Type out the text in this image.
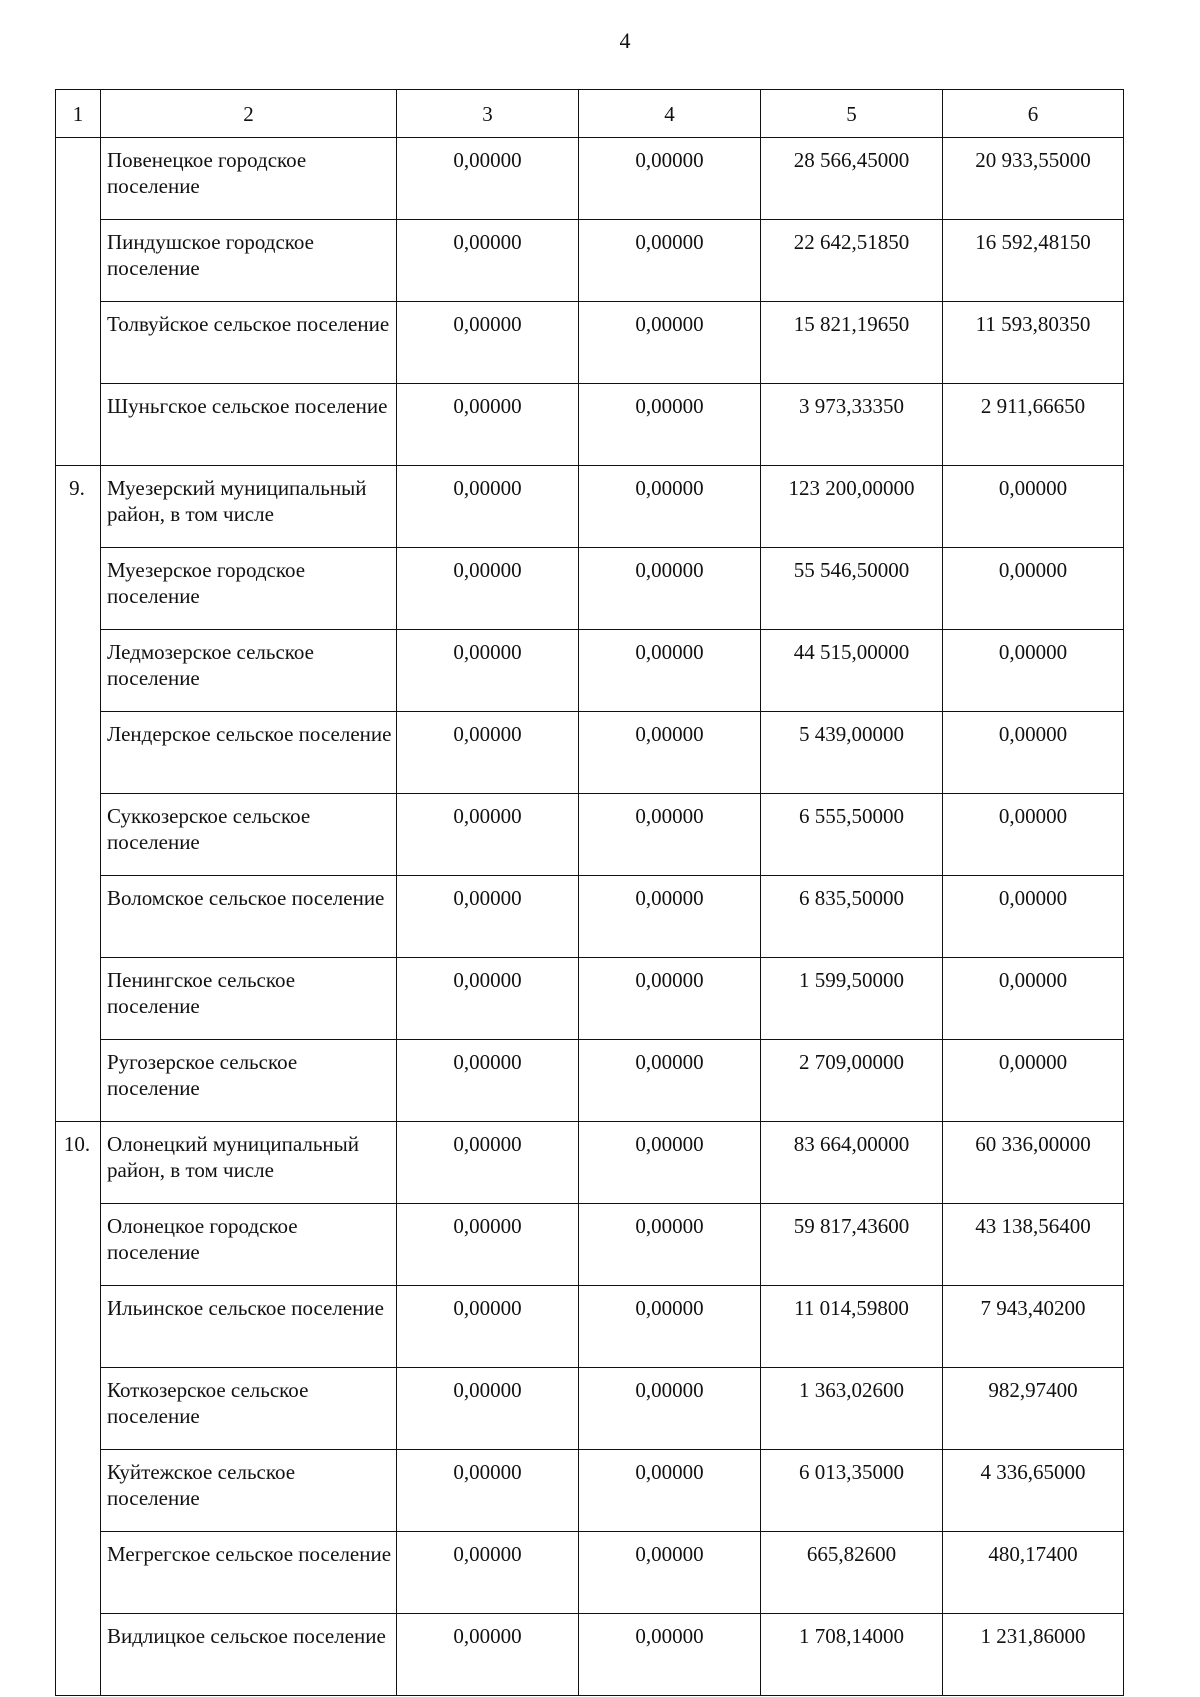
4
1	2	3	4	5	6
	Повенецкое городское поселение	0,00000	0,00000	28 566,45000	20 933,55000
	Пиндушское городское поселение	0,00000	0,00000	22 642,51850	16 592,48150
	Толвуйское сельское поселение	0,00000	0,00000	15 821,19650	11 593,80350
	Шуньгское сельское поселение	0,00000	0,00000	3 973,33350	2 911,66650
9.	Муезерский муниципальный район, в том числе	0,00000	0,00000	123 200,00000	0,00000
	Муезерское городское поселение	0,00000	0,00000	55 546,50000	0,00000
	Ледмозерское сельское поселение	0,00000	0,00000	44 515,00000	0,00000
	Лендерское сельское поселение	0,00000	0,00000	5 439,00000	0,00000
	Суккозерское сельское поселение	0,00000	0,00000	6 555,50000	0,00000
	Воломское сельское поселение	0,00000	0,00000	6 835,50000	0,00000
	Пенингское сельское поселение	0,00000	0,00000	1 599,50000	0,00000
	Ругозерское сельское поселение	0,00000	0,00000	2 709,00000	0,00000
10.	Олонецкий муниципальный район, в том числе	0,00000	0,00000	83 664,00000	60 336,00000
	Олонецкое городское поселение	0,00000	0,00000	59 817,43600	43 138,56400
	Ильинское сельское поселение	0,00000	0,00000	11 014,59800	7 943,40200
	Коткозерское сельское поселение	0,00000	0,00000	1 363,02600	982,97400
	Куйтежское сельское поселение	0,00000	0,00000	6 013,35000	4 336,65000
	Мегрегское сельское поселение	0,00000	0,00000	665,82600	480,17400
	Видлицкое сельское поселение	0,00000	0,00000	1 708,14000	1 231,86000
